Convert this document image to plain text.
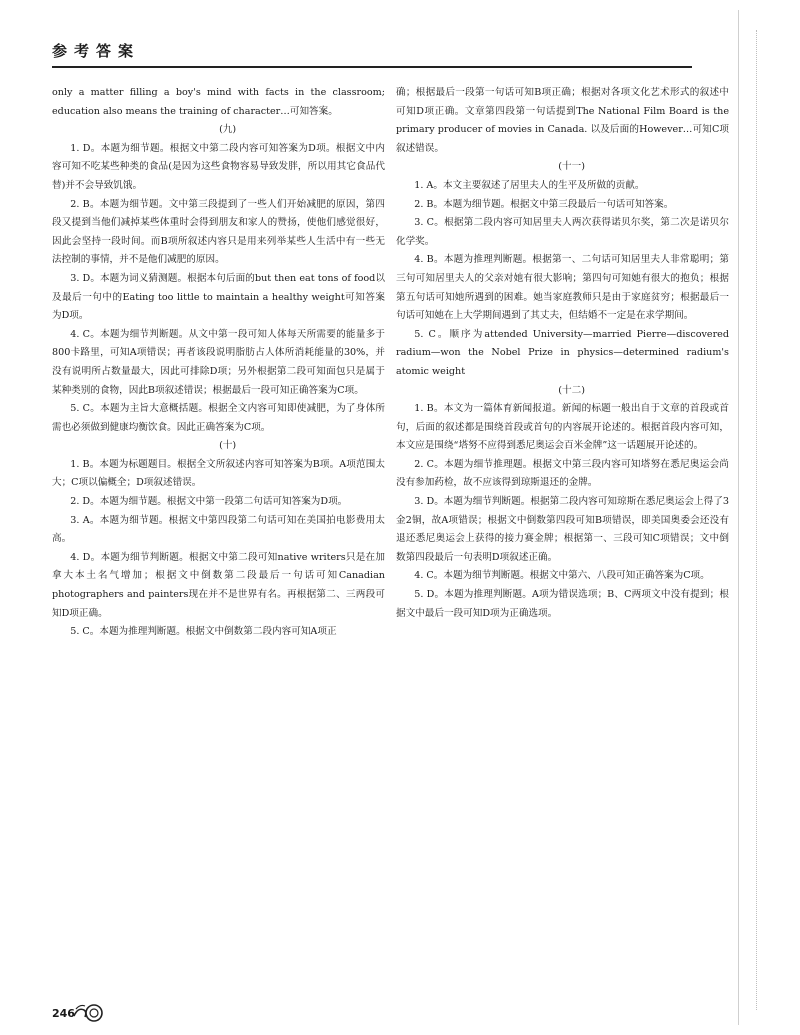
参考答案

only a matter filling a boy's mind with facts in the classroom; education also means the training of character…可知答案。

(九)

1. D。本题为细节题。根据文中第二段内容可知答案为D项。根据文中内容可知不吃某些种类的食品(是因为这些食物容易导致发胖，所以用其它食品代替)并不会导致饥饿。

2. B。本题为细节题。文中第三段提到了一些人们开始减肥的原因，第四段又提到当他们减掉某些体重时会得到朋友和家人的赞扬，使他们感觉很好，因此会坚持一段时间。而B项所叙述内容只是用来列举某些人生活中有一些无法控制的事情，并不是他们减肥的原因。

3. D。本题为词义猜测题。根据本句后面的but then eat tons of food以及最后一句中的Eating too little to maintain a healthy weight可知答案为D项。

4. C。本题为细节判断题。从文中第一段可知人体每天所需要的能量多于800卡路里，可知A项错误；再者该段说明脂肪占人体所消耗能量的30%，并没有说明所占数量最大，因此可排除D项；另外根据第二段可知面包只是属于某种类别的食物，因此B项叙述错误；根据最后一段可知正确答案为C项。

5. C。本题为主旨大意概括题。根据全文内容可知即使减肥，为了身体所需也必须做到健康均衡饮食。因此正确答案为C项。

(十)

1. B。本题为标题题目。根据全文所叙述内容可知答案为B项。A项范围太大；C项以偏概全；D项叙述错误。

2. D。本题为细节题。根据文中第一段第二句话可知答案为D项。

3. A。本题为细节题。根据文中第四段第二句话可知在美国拍电影费用太高。

4. D。本题为细节判断题。根据文中第二段可知native writers只是在加拿大本土名气增加；根据文中倒数第二段最后一句话可知Canadian photographers and painters现在并不是世界有名。再根据第二、三两段可知D项正确。

5. C。本题为推理判断题。根据文中倒数第二段内容可知A项正

确；根据最后一段第一句话可知B项正确；根据对各项文化艺术形式的叙述中可知D项正确。文章第四段第一句话提到The National Film Board is the primary producer of movies in Canada. 以及后面的However…可知C项叙述错误。

(十一)

1. A。本文主要叙述了居里夫人的生平及所做的贡献。

2. B。本题为细节题。根据文中第三段最后一句话可知答案。

3. C。根据第二段内容可知居里夫人两次获得诺贝尔奖，第二次是诺贝尔化学奖。

4. B。本题为推理判断题。根据第一、二句话可知居里夫人非常聪明；第三句可知居里夫人的父亲对她有很大影响；第四句可知她有很大的抱负；根据第五句话可知她所遇到的困难。她当家庭教师只是由于家庭贫穷；根据最后一句话可知她在上大学期间遇到了其丈夫，但结婚不一定是在求学期间。

5. C。顺序为attended University—married Pierre—discovered radium—won the Nobel Prize in physics—determined radium's atomic weight

(十二)

1. B。本文为一篇体育新闻报道。新闻的标题一般出自于文章的首段或首句，后面的叙述都是围绕首段或首句的内容展开论述的。根据首段内容可知，本文应是围绕“塔努不应得到悉尼奥运会百米金牌”这一话题展开论述的。

2. C。本题为细节推理题。根据文中第三段内容可知塔努在悉尼奥运会尚没有参加药检，故不应该得到琼斯退还的金牌。

3. D。本题为细节判断题。根据第二段内容可知琼斯在悉尼奥运会上得了3金2铜，故A项错误；根据文中倒数第四段可知B项错误，即美国奥委会还没有退还悉尼奥运会上获得的接力赛金牌；根据第一、三段可知C项错误；文中倒数第四段最后一句表明D项叙述正确。

4. C。本题为细节判断题。根据文中第六、八段可知正确答案为C项。

5. D。本题为推理判断题。A项为错误选项；B、C两项文中没有提到；根据文中最后一段可知D项为正确选项。

246
